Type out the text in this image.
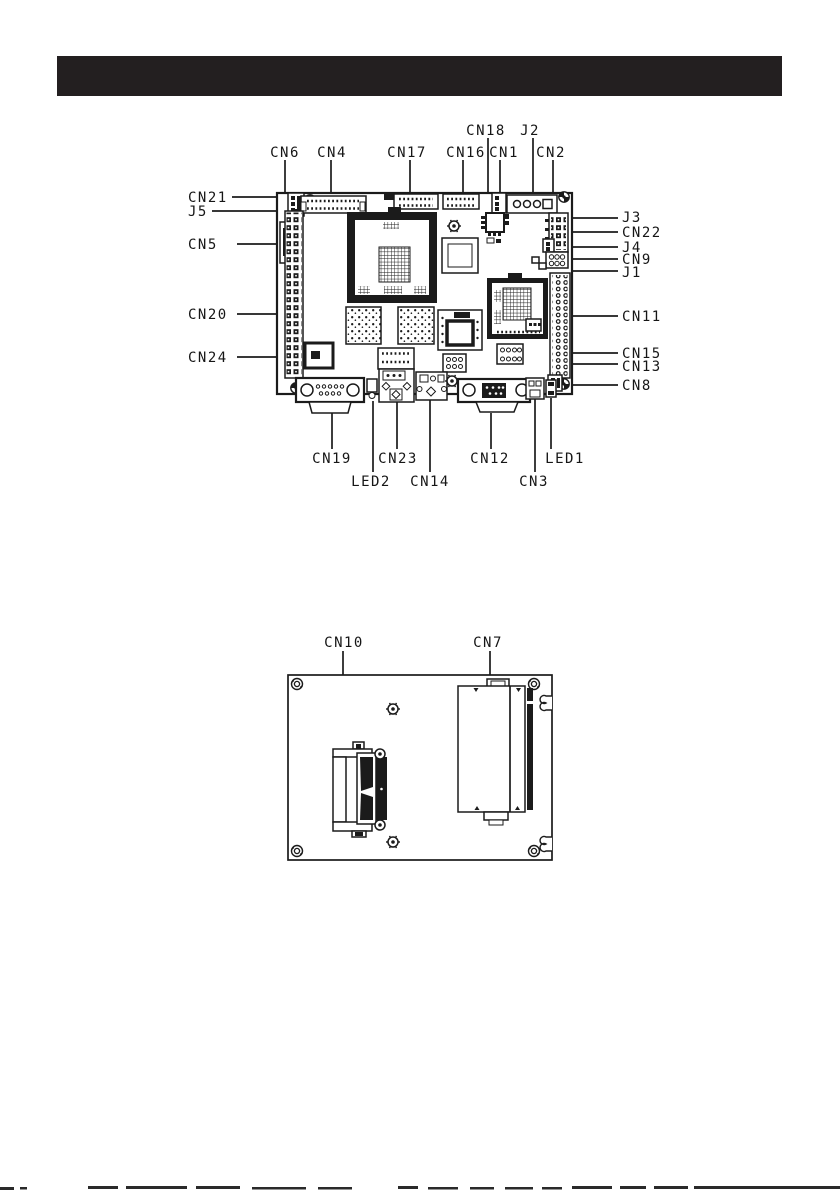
CN18 J2
CN6 CN4	CN17 CN16 CN1 CN2
CN21
J5
CN5
CN20
CN24
J3
CN22
J4
CN9
J1
CN11
CN15
CN13
CN8
CN19 CN23	CN12	LED1
LED2 CN14	CN3
CN10	CN7
